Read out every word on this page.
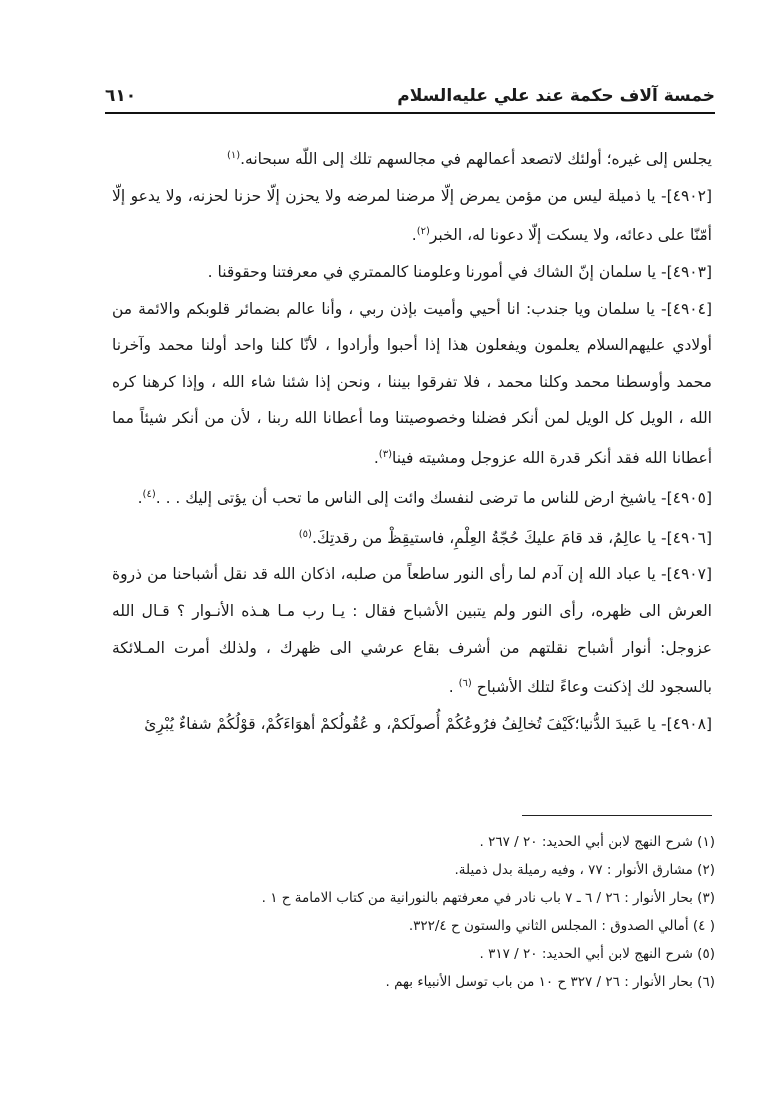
خمسة آلاف حكمة عند علي عليه‌السلام
٦١٠

يجلس إلى غيره؛ أولئك لاتصعد أعمالهم في مجالسهم تلك إلى اللّه سبحانه.$^{(١)}$

[٤٩٠٢]- يا ذميلة ليس من مؤمن يمرض إلّا مرضنا لمرضه ولا يحزن إلّا حزنا لحزنه، ولا يدعو إلّا أمّنّا على دعائه، ولا يسكت إلّا دعونا له، الخبر$^{(٢)}$.

[٤٩٠٣]- يا سلمان إنّ الشاك في أمورنا وعلومنا كالممتري في معرفتنا وحقوقنا .

[٤٩٠٤]- يا سلمان ويا جندب: انا أحيي وأميت بإذن ربي ، وأنا عالم بضمائر قلوبكم والائمة من أولادي عليهم‌السلام يعلمون ويفعلون هذا إذا أحبوا وأرادوا ، لأنّا كلنا واحد أولنا محمد وآخرنا محمد وأوسطنا محمد وكلنا محمد ، فلا تفرقوا بيننا ، ونحن إذا شئنا شاء الله ، وإذا كرهنا كره الله ، الويل كل الويل لمن أنكر فضلنا وخصوصيتنا وما أعطانا الله ربنا ، لأن من أنكر شيئاً مما أعطانا الله فقد أنكر قدرة الله عزوجل ومشيته فينا$^{(٣)}$.

[٤٩٠٥]- ياشيخ ارض للناس ما ترضى لنفسك وائت إلى الناس ما تحب أن يؤتى إليك . . .$^{(٤)}$.

[٤٩٠٦]- يا عالِمُ، قد قامَ عليكَ حُجّةُ العِلْمِ، فاستيقِظْ من رقدتِكَ.$^{(٥)}$

[٤٩٠٧]- يا عباد الله إن آدم لما رأى النور ساطعاً من صلبه، اذكان الله قد نقل أشباحنا من ذروة العرش الى ظهره، رأى النور ولم يتبين الأشباح فقال : يـا رب مـا هـذه الأنـوار ؟ قـال الله عزوجل: أنوار أشباح نقلتهم من أشرف بقاع عرشي الى ظهرك ، ولذلك أمرت المـلائكة بالسجود لك إذكنت وعاءً لتلك الأشباح $^{(٦)}$ .

[٤٩٠٨]- يا عَبيدَ الدُّنيا؛كَيْفَ تُخالِفُ فرُوعُكُمْ أُصولَكمْ، و عُقُولُكمْ أهوَاءَكُمْ، قوْلُكُمْ شفاءٌ يُبْرِئ

(١) شرح النهج لابن أبي الحديد: ٢٠ / ٢٦٧ .

(٢) مشارق الأنوار : ٧٧ ، وفيه رميلة بدل ذميلة.

(٣) بحار الأنوار : ٢٦ / ٦ ـ ٧ باب نادر في معرفتهم بالنورانية من كتاب الامامة ح ١ .

( ٤) أمالي الصدوق : المجلس الثاني والستون ح ٣٢٢/٤.

(٥) شرح النهج لابن أبي الحديد: ٢٠ / ٣١٧ .

(٦) بحار الأنوار : ٢٦ / ٣٢٧ ح ١٠ من باب توسل الأنبياء بهم .
